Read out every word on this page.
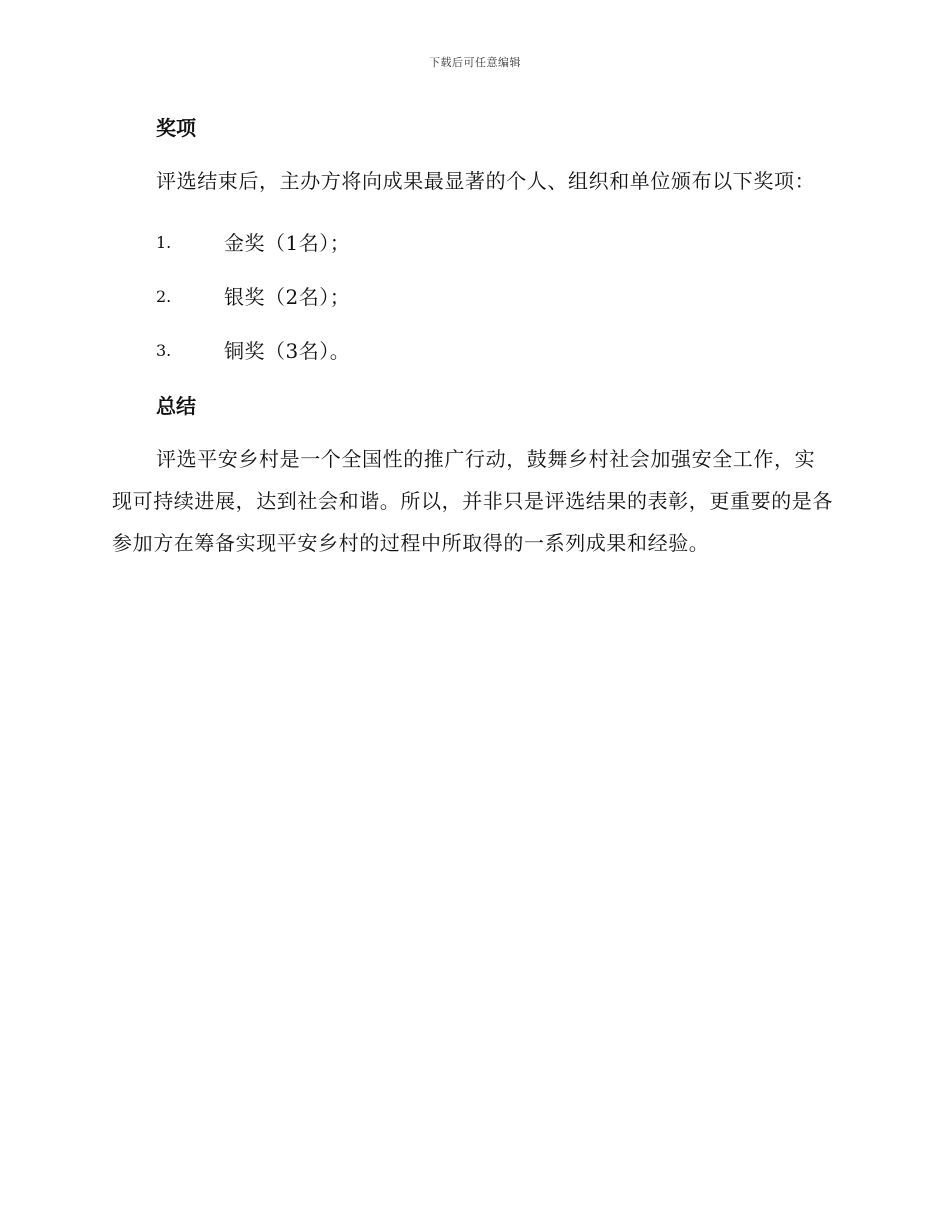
下载后可任意编辑
奖项

评选结束后，主办方将向成果最显著的个人、组织和单位颁布以下奖项：

1.	金奖（1名）；
2.	银奖（2名）；
3.	铜奖（3名）。
总结

评选平安乡村是一个全国性的推广行动，鼓舞乡村社会加强安全工作，实现可持续进展，达到社会和谐。所以，并非只是评选结果的表彰，更重要的是各参加方在筹备实现平安乡村的过程中所取得的一系列成果和经验。
